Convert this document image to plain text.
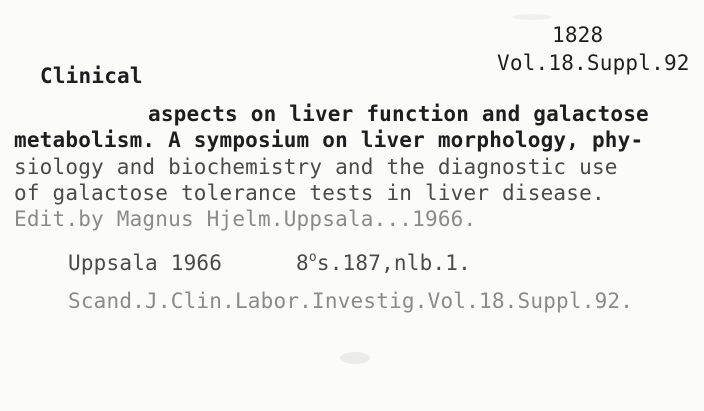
1828
Vol.18.Suppl.92
Clinical
aspects on liver function and galactose
metabolism. A symposium on liver morphology, phy-
siology and biochemistry and the diagnostic use
of galactose tolerance tests in liver disease.
Edit.by Magnus Hjelm.Uppsala...1966.
Uppsala 1966	8$^o$s.187,nlb.1.
Scand.J.Clin.Labor.Investig.Vol.18.Suppl.92.
